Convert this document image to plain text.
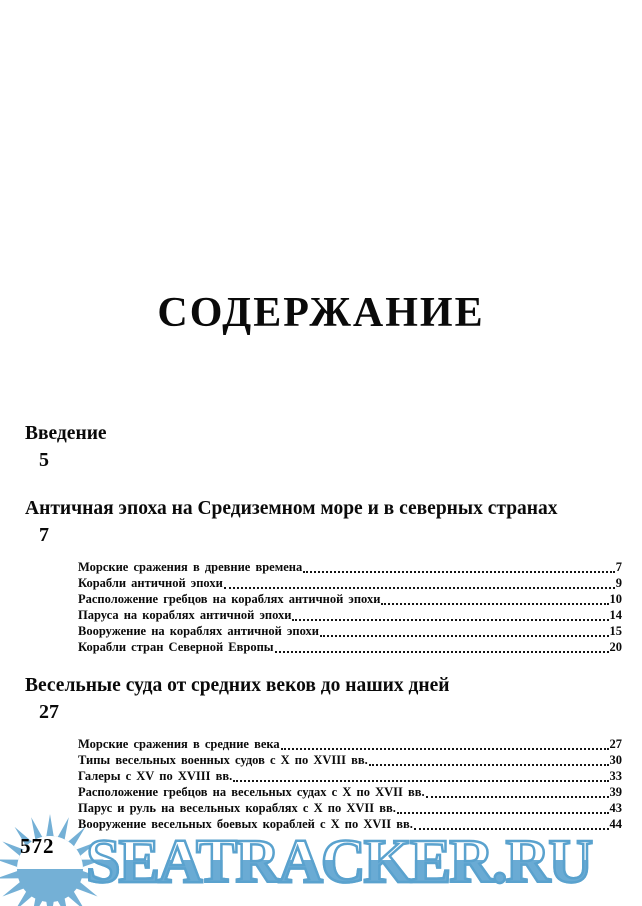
СОДЕРЖАНИЕ
Введение
5
Античная эпоха на Средиземном море и в северных странах
7
Морские сражения в древние времена	7
Корабли античной эпохи	9
Расположение гребцов на кораблях античной эпохи	10
Паруса на кораблях античной эпохи	14
Вооружение на кораблях античной эпохи	15
Корабли стран Северной Европы	20
Весельные суда от средних веков до наших дней
27
Морские сражения в средние века	27
Типы весельных военных судов с X по XVIII вв.	30
Галеры с XV по XVIII вв.	33
Расположение гребцов на весельных судах с X по XVII вв.	39
Парус и руль на весельных кораблях с X по XVII вв.	43
Вооружение весельных боевых кораблей с X по XVII вв.	44
572 SEATRACKER.RU
